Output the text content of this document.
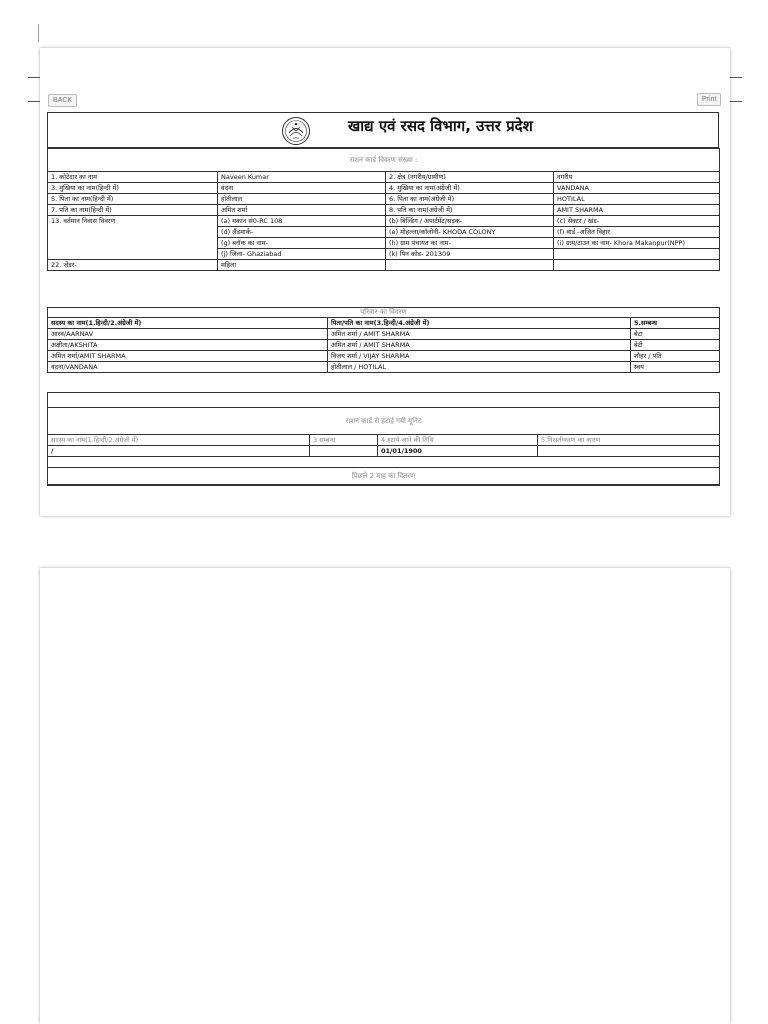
BACK	Print
खाद्य एवं रसद विभाग, उत्तर प्रदेश
राशन कार्ड विवरण संख्या :			
1. कोटेदार का नाम	Naveen Kumar	2. क्षेत्र (नगरीय/ग्रामीण)	नगरीय
3. मुखिया का नाम(हिन्दी में)	वंदना	4. मुखिया का नाम(अंग्रेजी में)	VANDANA
5. पिता का नाम(हिन्दी में)	होतीलाल	6. पिता का नाम(अंग्रेजी में)	HOTILAL
7. पति का नाम(हिन्दी में)	अमित शर्मा	8. पति का नाम(अंग्रेजी में)	AMIT SHARMA
13. वर्तमान निवास विवरण	(a) मकान सं0-RC 108	(b) बिल्डिंग / अपार्टमेंट/सड़क-	(c) सेक्टर / खंड-
	(d) लैंडमार्क-	(e) मोहल्ला/कॉलोनी- KHODA COLONY	(f) वार्ड -अजित विहार
	(g) ब्लॉक का नाम-	(h) ग्राम पंचायत का नाम-	(i) ग्राम/टाउन का नाम- Khora Makanpur(NPP)
	(j) जिला- Ghaziabad	(k) पिन कोड- 201309	
22. जेंडर-	महिला		
परिवार का विवरण		
सदस्य का नाम(1.हिन्दी/2.अंग्रेजी में)	पिता/पति का नाम(3.हिन्दी/4.अंग्रेजी में)	5.सम्बन्ध
आरव/AARNAV	अमित शर्मा / AMIT SHARMA	बेटा
अक्षीता/AKSHITA	अमित शर्मा / AMIT SHARMA	बेटी
अमित शर्मा/AMIT SHARMA	विजय शर्मा / VIJAY SHARMA	शौहर / पति
वंदना/VANDANA	होतीलाल / HOTILAL	स्वयं

राशन कार्ड से हटाई गयी यूनिट			
सदस्य का नाम(1.हिन्दी/2.अंग्रेजी में)	3.सम्बन्ध	4.हटाये जाने की तिथि	5.निरस्तीकरण का कारण
/		01/01/1900	

पिछले 2 माह का वितरण			
